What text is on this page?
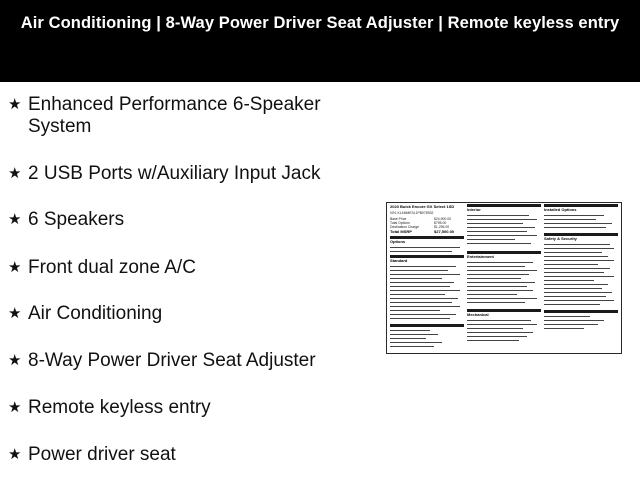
Air Conditioning | 8-Way Power Driver Seat Adjuster | Remote keyless entry
★ Enhanced Performance 6-Speaker System
★ 2 USB Ports w/Auxiliary Input Jack
★ 6 Speakers
★ Front dual zone A/C
★ Air Conditioning
★ 8-Way Power Driver Seat Adjuster
★ Remote keyless entry
★ Power driver seat
2023 Buick Encore GX Select 1SD
VIN: KL4MMESL1PB078932
Base Price	$24,900.00
Total Options	$795.00
Destination Charge	$1,295.00
Total MSRP	$27,500.00
Options
Standard
Interior
Entertainment
Mechanical
Installed Options
Safety & Security
